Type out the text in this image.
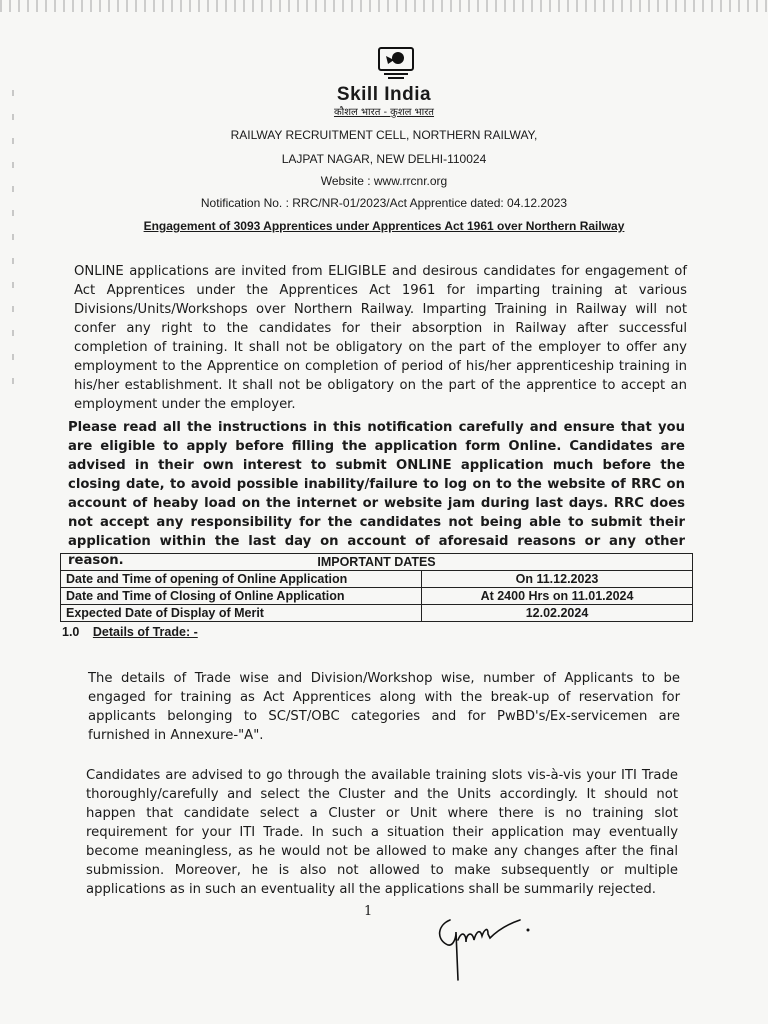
Skill India
कौशल भारत - कुशल भारत
RAILWAY RECRUITMENT CELL, NORTHERN RAILWAY,
LAJPAT NAGAR, NEW DELHI-110024
Website : www.rrcnr.org
Notification No. : RRC/NR-01/2023/Act Apprentice dated: 04.12.2023
Engagement of 3093 Apprentices under Apprentices Act 1961 over Northern Railway
ONLINE applications are invited from ELIGIBLE and desirous candidates for engagement of Act Apprentices under the Apprentices Act 1961 for imparting training at various Divisions/Units/Workshops over Northern Railway. Imparting Training in Railway will not confer any right to the candidates for their absorption in Railway after successful completion of training. It shall not be obligatory on the part of the employer to offer any employment to the Apprentice on completion of period of his/her apprenticeship training in his/her establishment. It shall not be obligatory on the part of the apprentice to accept an employment under the employer.
Please read all the instructions in this notification carefully and ensure that you are eligible to apply before filling the application form Online. Candidates are advised in their own interest to submit ONLINE application much before the closing date, to avoid possible inability/failure to log on to the website of RRC on account of heaby load on the internet or website jam during last days. RRC does not accept any responsibility for the candidates not being able to submit their application within the last day on account of aforesaid reasons or any other reason.	IMPORTANT DATES	
Date and Time of opening of Online Application	On 11.12.2023
Date and Time of Closing of Online Application	At 2400 Hrs on 11.01.2024
Expected Date of Display of Merit	12.02.2024
1.0 Details of Trade: -
The details of Trade wise and Division/Workshop wise, number of Applicants to be engaged for training as Act Apprentices along with the break-up of reservation for applicants belonging to SC/ST/OBC categories and for PwBD's/Ex-servicemen are furnished in Annexure-"A".
Candidates are advised to go through the available training slots vis-à-vis your ITI Trade thoroughly/carefully and select the Cluster and the Units accordingly. It should not happen that candidate select a Cluster or Unit where there is no training slot requirement for your ITI Trade. In such a situation their application may eventually become meaningless, as he would not be allowed to make any changes after the final submission. Moreover, he is also not allowed to make subsequently or multiple applications as in such an eventuality all the applications shall be summarily rejected.
1
